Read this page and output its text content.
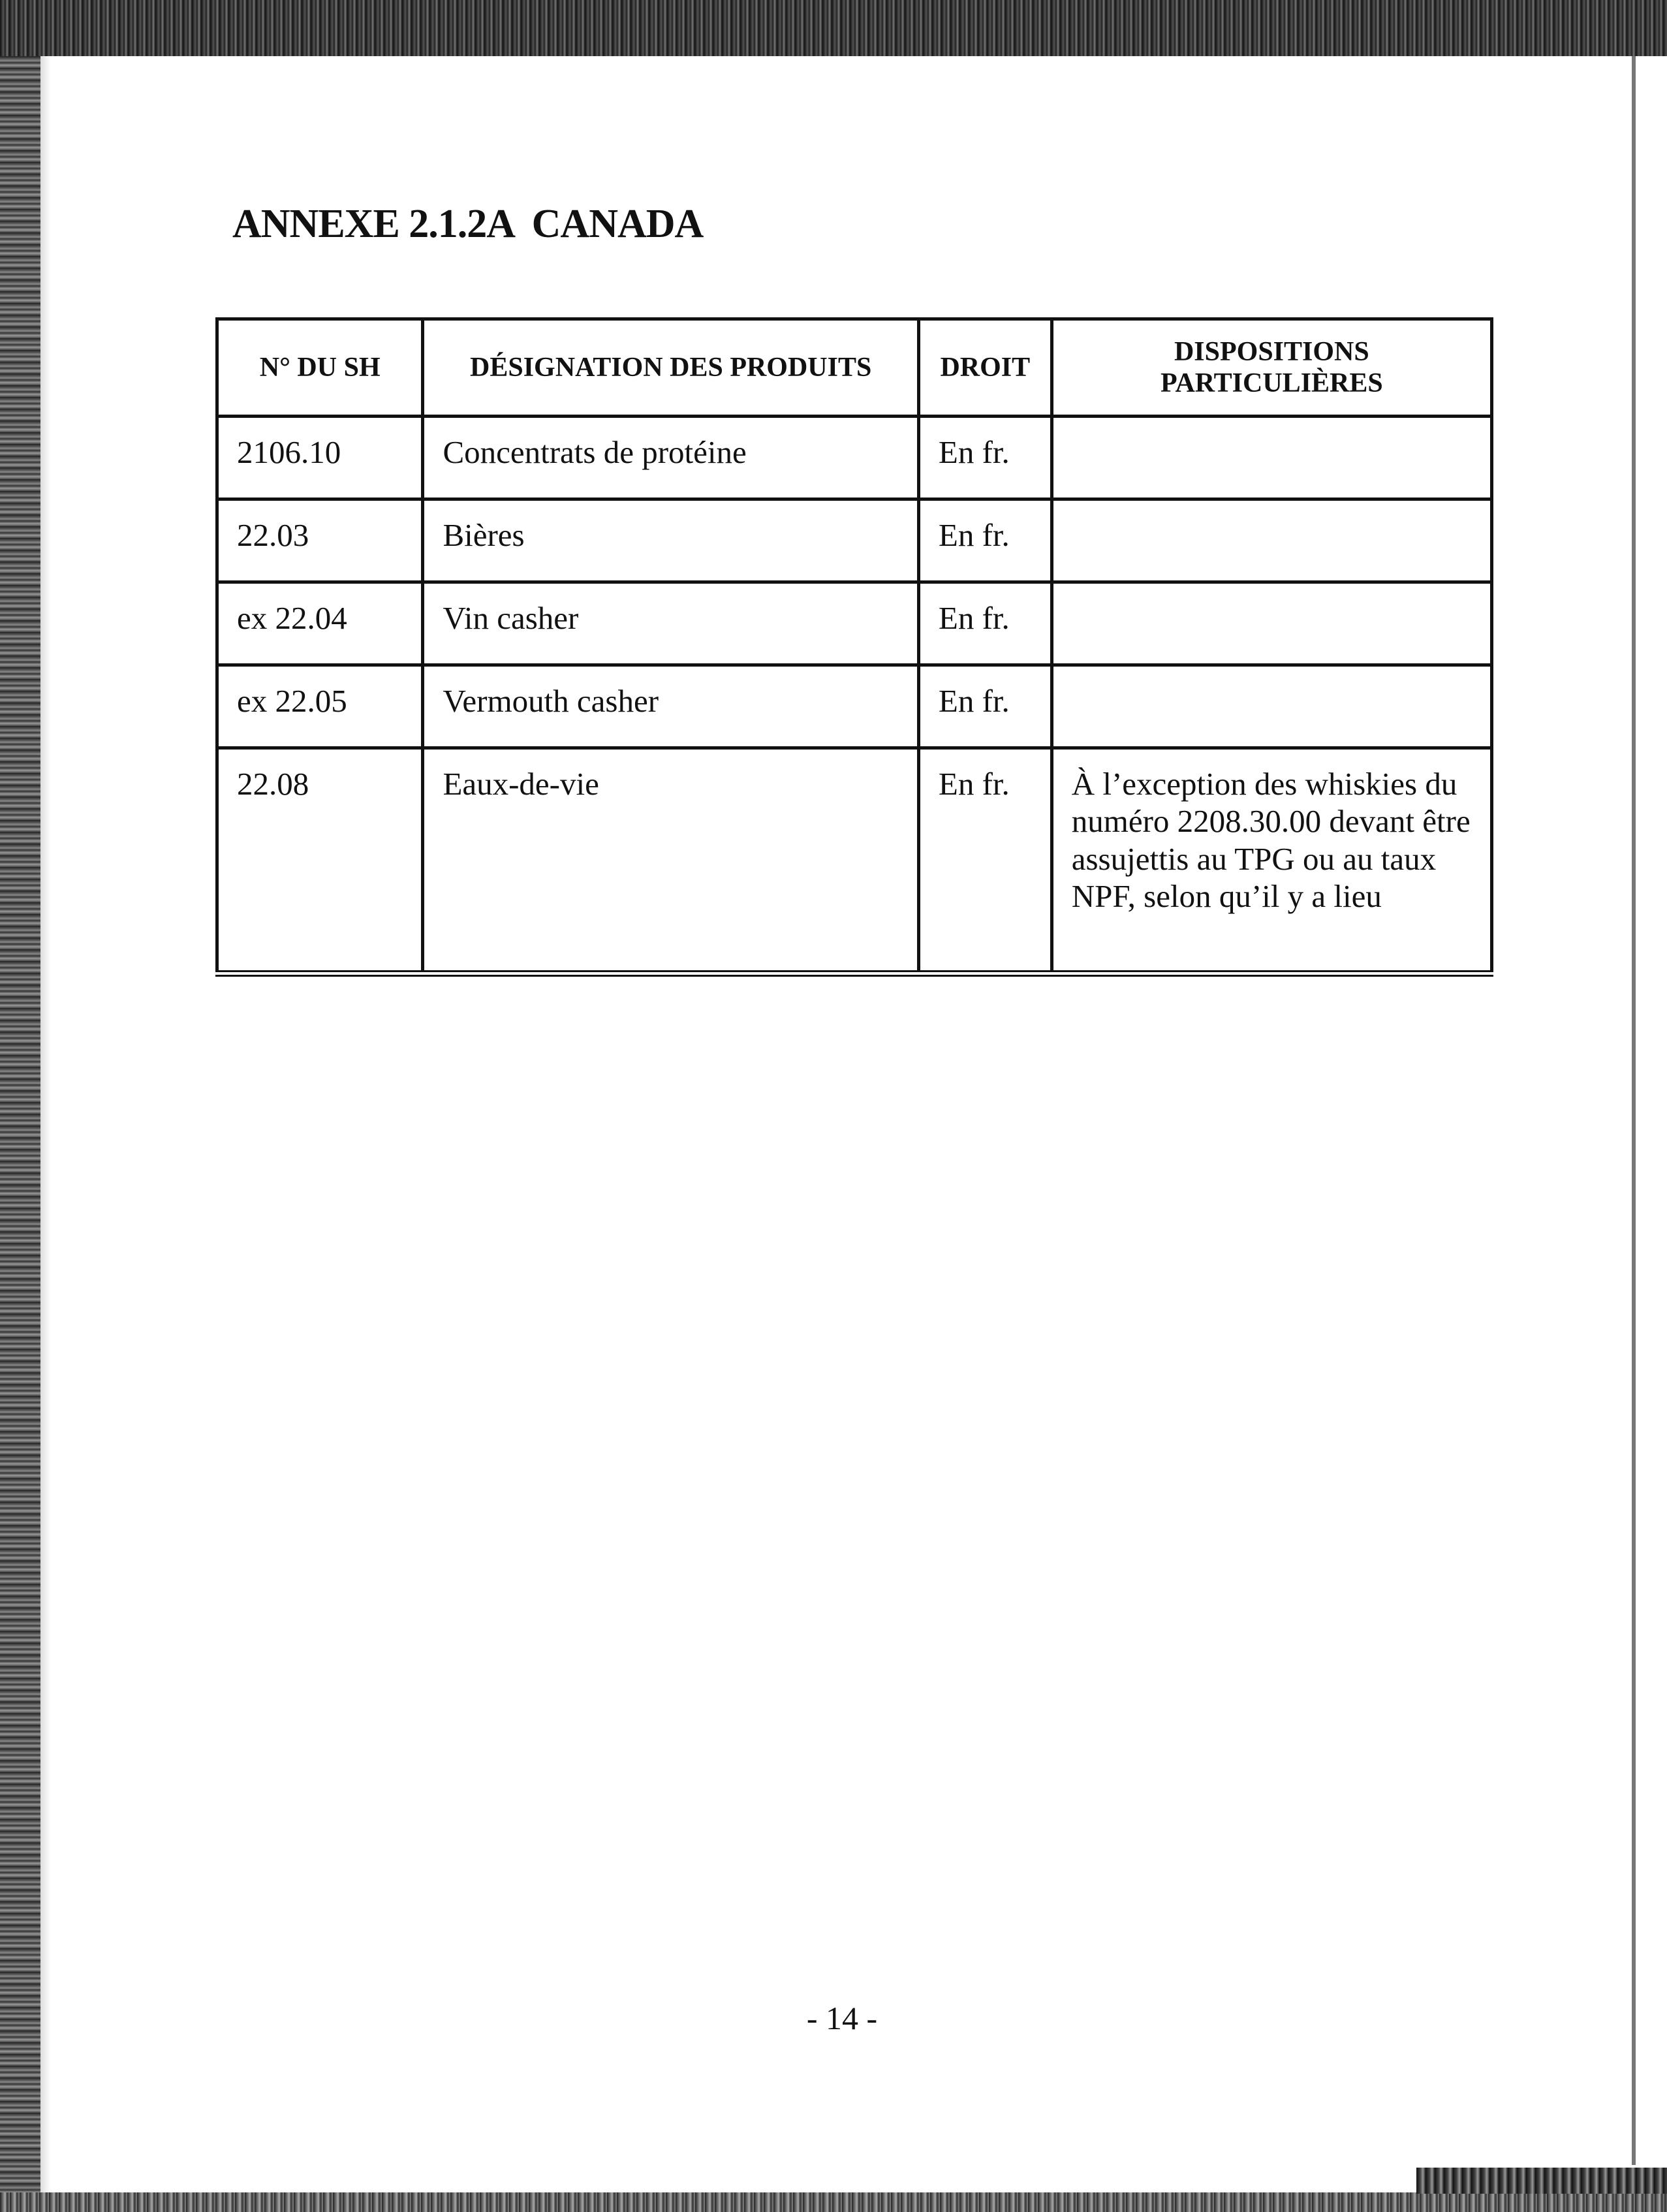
ANNEXE 2.1.2A  CANADA
N° DU SH	DÉSIGNATION DES PRODUITS	DROIT	DISPOSITIONS PARTICULIÈRES
2106.10	Concentrats de protéine	En fr.	
22.03	Bières	En fr.	
ex 22.04	Vin casher	En fr.	
ex 22.05	Vermouth casher	En fr.	
22.08	Eaux-de-vie	En fr.	À l’exception des whiskies du numéro 2208.30.00 devant être assujettis au TPG ou au taux NPF, selon qu’il y a lieu
- 14 -
